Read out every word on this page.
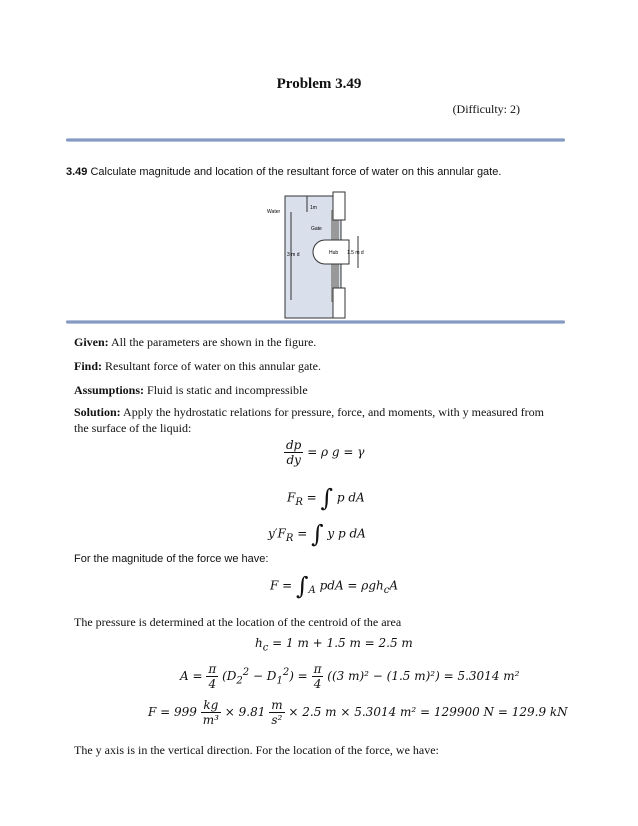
Problem 3.49
(Difficulty: 2)
3.49 Calculate magnitude and location of the resultant force of water on this annular gate.
Water
1m
Gate
3 m d	Hub 1.5 m d
Given: All the parameters are shown in the figure.
Find: Resultant force of water on this annular gate.
Assumptions: Fluid is static and incompressible
Solution: Apply the hydrostatic relations for pressure, force, and moments, with y measured from the surface of the liquid:
$\frac{dp}{dy} = \rho$ g = γ
$F_R$ = ∫ p dA
$y'F_R$ = ∫ y p dA
For the magnitude of the force we have:
$F = \int_A$ pdA = ρgh$_c$A
The pressure is determined at the location of the centroid of the area
$h_c = 1$ m + 1.5 m = 2.5 m
$A = \frac{\pi}{4} (D_2^2 - D_1^2) = \frac{\pi}{4} ((3$ m)² − (1.5 m)²) = 5.3014 m²
$F = 999 \frac{kg}{\text{m³}} \times 9.81 \frac{m}{\text{s²}} \times 2.5$ m × 5.3014 m² = 129900 N = 129.9 kN
The y axis is in the vertical direction. For the location of the force, we have:
